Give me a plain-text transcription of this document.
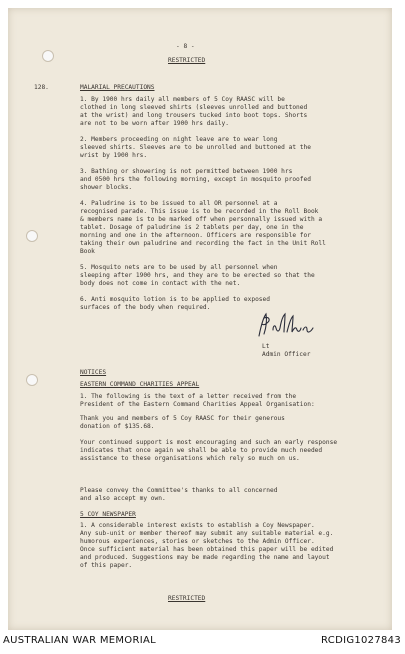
- 8 -
RESTRICTED
128.	MALARIAL PRECAUTIONS
1. By 1900 hrs daily all members of 5 Coy RAASC will be
clothed in long sleeved shirts (sleeves unrolled and buttoned
at the wrist) and long trousers tucked into boot tops. Shorts
are not to be worn after 1900 hrs daily.
2. Members proceeding on night leave are to wear long
sleeved shirts. Sleeves are to be unrolled and buttoned at the
wrist by 1900 hrs.
3. Bathing or showering is not permitted between 1900 hrs
and 0500 hrs the following morning, except in mosquito proofed
shower blocks.
4. Paludrine is to be issued to all OR personnel at a
recognised parade. This issue is to be recorded in the Roll Book
& members name is to be marked off when personnally issued with a
tablet. Dosage of paludrine is 2 tablets per day, one in the
morning and one in the afternoon. Officers are responsible for
taking their own paludrine and recording the fact in the Unit Roll
Book
5. Mosquito nets are to be used by all personnel when
sleeping after 1900 hrs, and they are to be erected so that the
body does not come in contact with the net.
6. Anti mosquito lotion is to be applied to exposed
surfaces of the body when required.
Lt
Admin Officer
NOTICES
EASTERN COMMAND CHARITIES APPEAL
1. The following is the text of a letter received from the
President of the Eastern Command Charities Appeal Organisation:
Thank you and members of 5 Coy RAASC for their generous
donation of $135.68.
Your continued support is most encouraging and such an early response
indicates that once again we shall be able to provide much needed
assistance to these organisations which rely so much on us.
Please convey the Committee's thanks to all concerned
and also accept my own.
5 COY NEWSPAPER
1. A considerable interest exists to establish a Coy Newspaper.
Any sub-unit or member thereof may submit any suitable material e.g.
humorous experiences, stories or sketches to the Admin Officer.
Once sufficient material has been obtained this paper will be edited
and produced. Suggestions may be made regarding the name and layout
of this paper.
RESTRICTED
AUSTRALIAN WAR MEMORIAL	RCDIG1027843
